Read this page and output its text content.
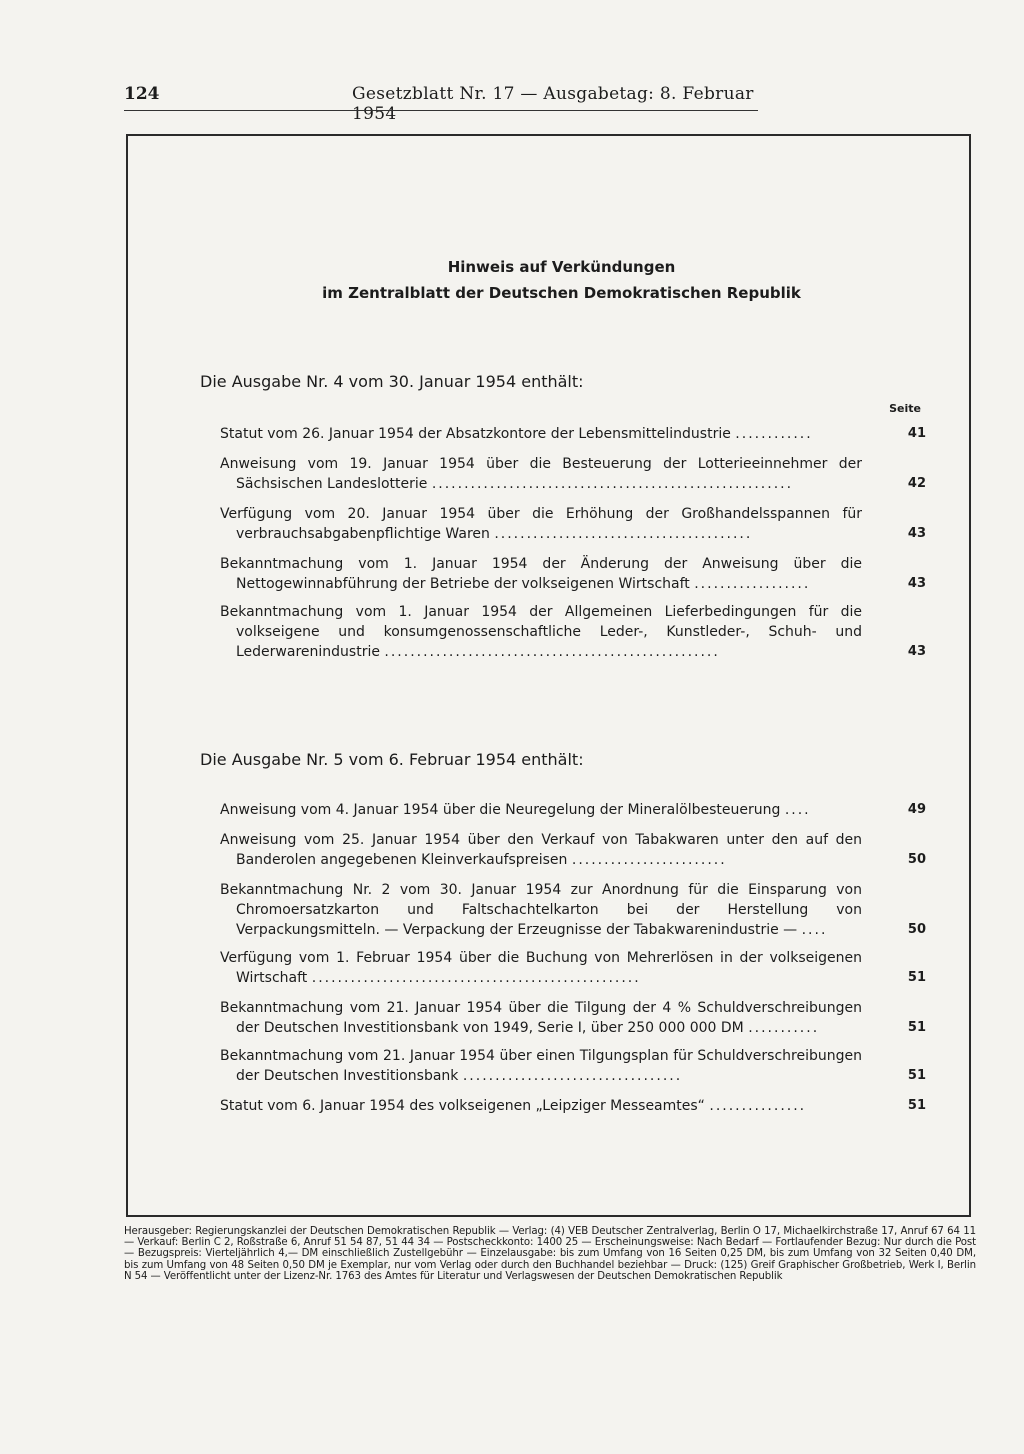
124	Gesetzblatt Nr. 17 — Ausgabetag: 8. Februar 1954
Hinweis auf Verkündungen
im Zentralblatt der Deutschen Demokratischen Republik
Die Ausgabe Nr. 4 vom 30. Januar 1954 enthält:
Seite
Statut vom 26. Januar 1954 der Absatzkontore der Lebensmittelindustrie ............	41
Anweisung vom 19. Januar 1954 über die Besteuerung der Lotterieeinnehmer der Sächsischen Landeslotterie ........................................................	42
Verfügung vom 20. Januar 1954 über die Erhöhung der Großhandelsspannen für verbrauchsabgabenpflichtige Waren ........................................	43
Bekanntmachung vom 1. Januar 1954 der Änderung der Anweisung über die Nettogewinnabführung der Betriebe der volkseigenen Wirtschaft ..................	43
Bekanntmachung vom 1. Januar 1954 der Allgemeinen Lieferbedingungen für die volkseigene und konsumgenossenschaftliche Leder-, Kunstleder-, Schuh- und Lederwarenindustrie ....................................................	43
Die Ausgabe Nr. 5 vom 6. Februar 1954 enthält:
Anweisung vom 4. Januar 1954 über die Neuregelung der Mineralölbesteuerung ....	49
Anweisung vom 25. Januar 1954 über den Verkauf von Tabakwaren unter den auf den Banderolen angegebenen Kleinverkaufspreisen ........................	50
Bekanntmachung Nr. 2 vom 30. Januar 1954 zur Anordnung für die Einsparung von Chromoersatzkarton und Faltschachtelkarton bei der Herstellung von Verpackungsmitteln. — Verpackung der Erzeugnisse der Tabakwarenindustrie — ....	50
Verfügung vom 1. Februar 1954 über die Buchung von Mehrerlösen in der volkseigenen Wirtschaft ...................................................	51
Bekanntmachung vom 21. Januar 1954 über die Tilgung der 4 % Schuldverschreibungen der Deutschen Investitionsbank von 1949, Serie I, über 250 000 000 DM ...........	51
Bekanntmachung vom 21. Januar 1954 über einen Tilgungsplan für Schuldverschreibungen der Deutschen Investitionsbank ..................................	51
Statut vom 6. Januar 1954 des volkseigenen „Leipziger Messeamtes“ ...............	51
Herausgeber: Regierungskanzlei der Deutschen Demokratischen Republik — Verlag: (4) VEB Deutscher Zentralverlag, Berlin O 17, Michaelkirchstraße 17, Anruf 67 64 11 — Verkauf: Berlin C 2, Roßstraße 6, Anruf 51 54 87, 51 44 34 — Postscheckkonto: 1400 25 — Erscheinungsweise: Nach Bedarf — Fortlaufender Bezug: Nur durch die Post — Bezugspreis: Vierteljährlich 4,— DM einschließlich Zustellgebühr — Einzelausgabe: bis zum Umfang von 16 Seiten 0,25 DM, bis zum Umfang von 32 Seiten 0,40 DM, bis zum Umfang von 48 Seiten 0,50 DM je Exemplar, nur vom Verlag oder durch den Buchhandel beziehbar — Druck: (125) Greif Graphischer Großbetrieb, Werk I, Berlin N 54 — Veröffentlicht unter der Lizenz-Nr. 1763 des Amtes für Literatur und Verlagswesen der Deutschen Demokratischen Republik
